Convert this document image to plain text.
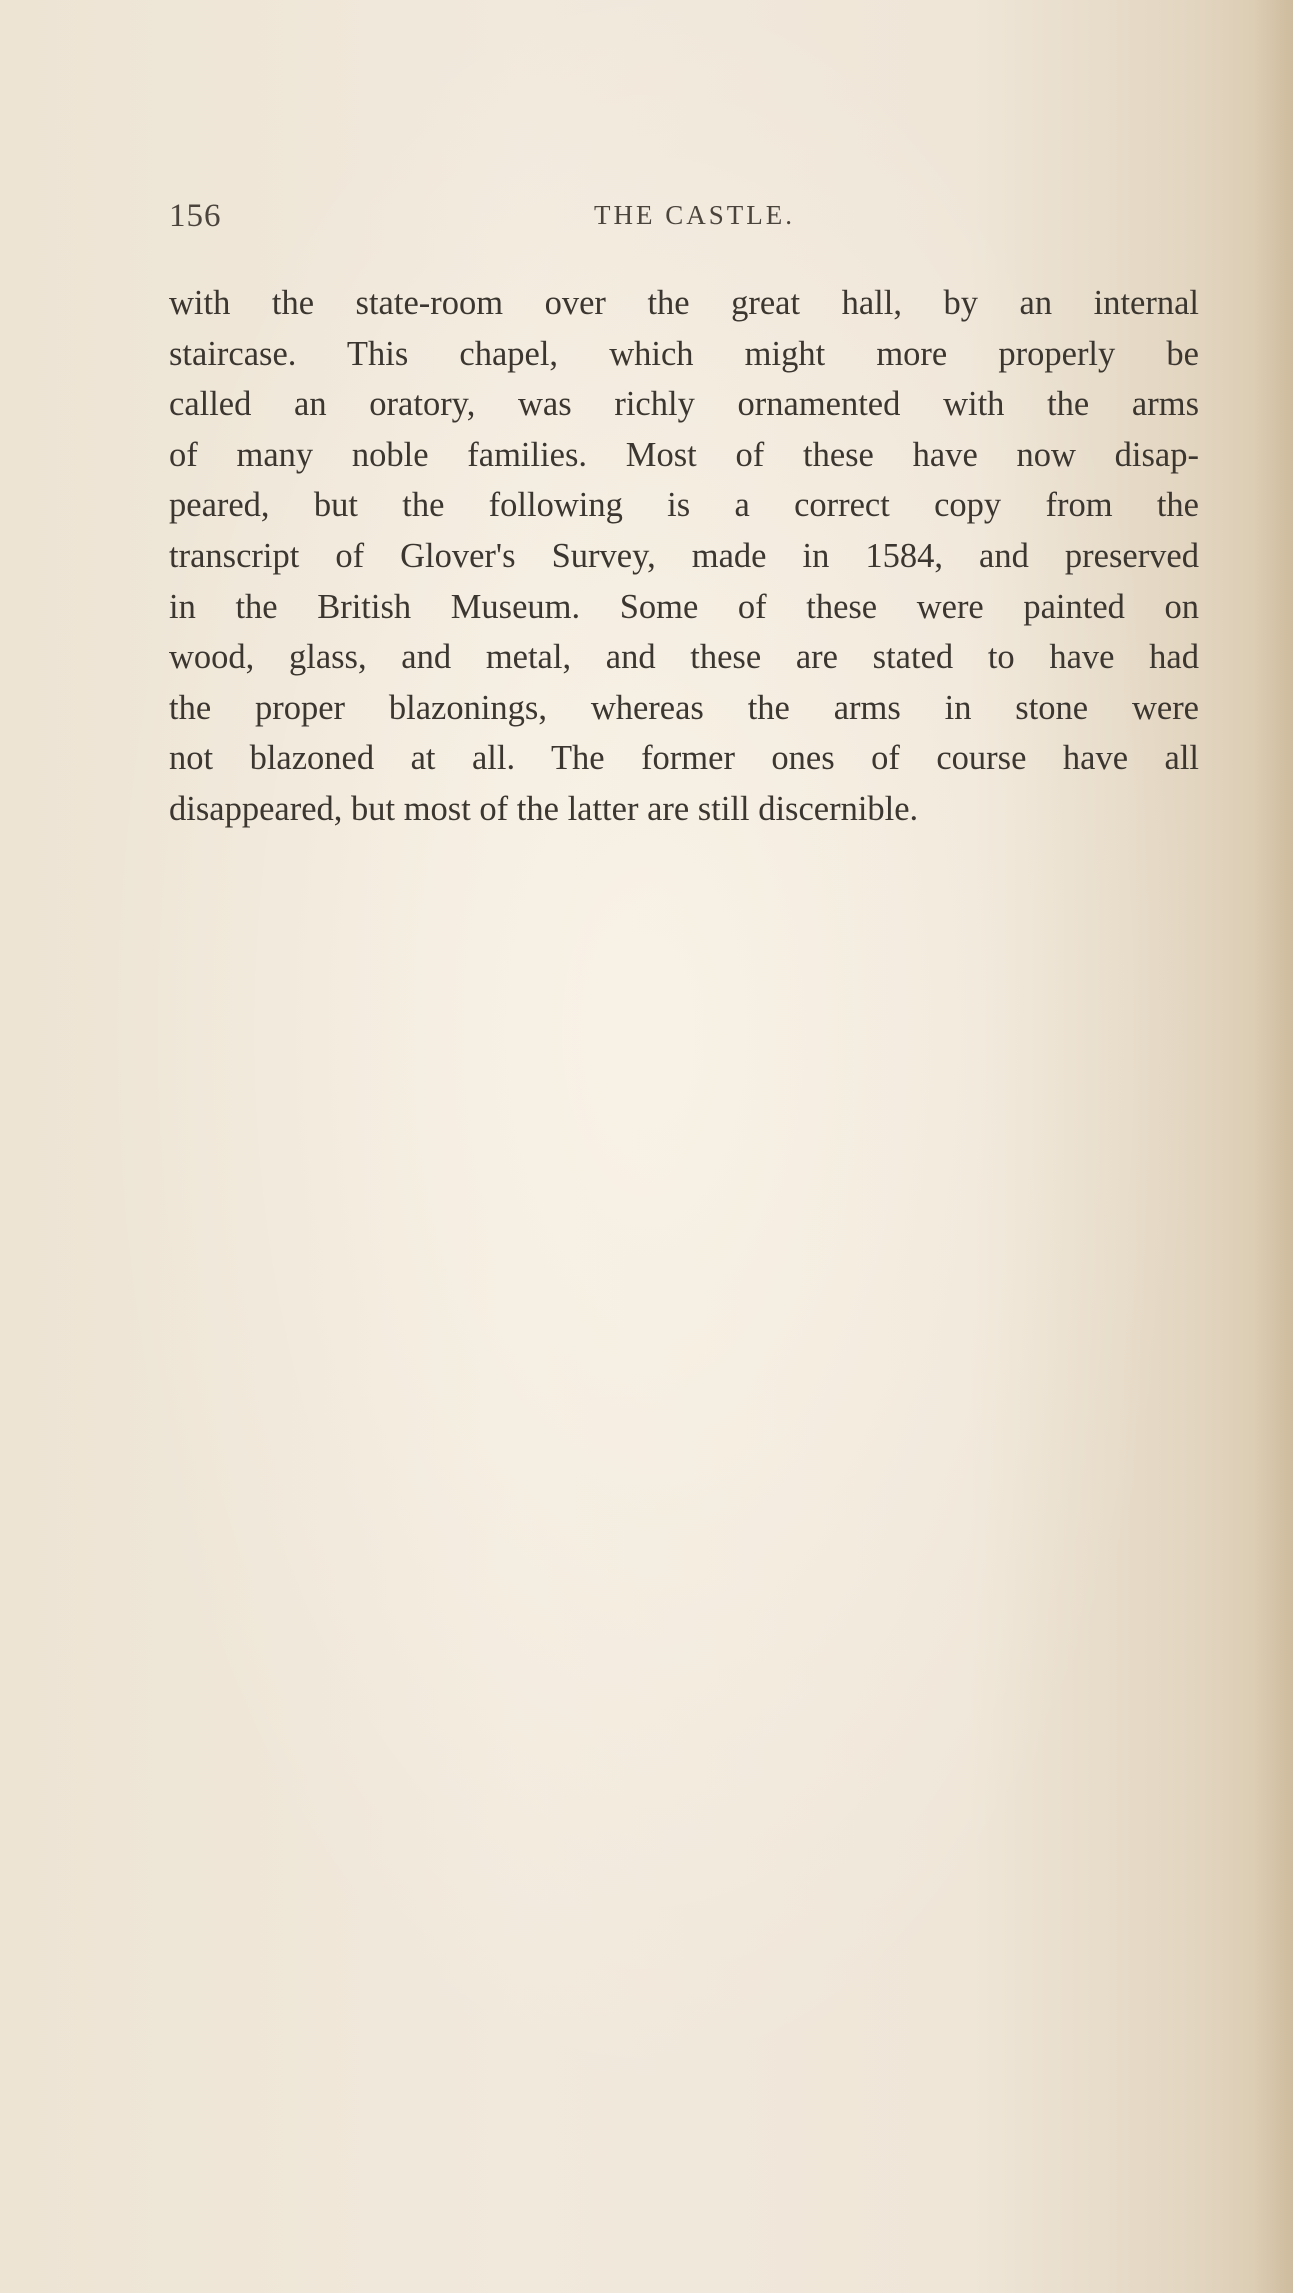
156	THE CASTLE.
with the state-room over the great hall, by an internal
staircase. This chapel, which might more properly be
called an oratory, was richly ornamented with the arms
of many noble families. Most of these have now disap-
peared, but the following is a correct copy from the
transcript of Glover's Survey, made in 1584, and preserved
in the British Museum. Some of these were painted on
wood, glass, and metal, and these are stated to have had
the proper blazonings, whereas the arms in stone were
not blazoned at all. The former ones of course have all
disappeared, but most of the latter are still discernible.
